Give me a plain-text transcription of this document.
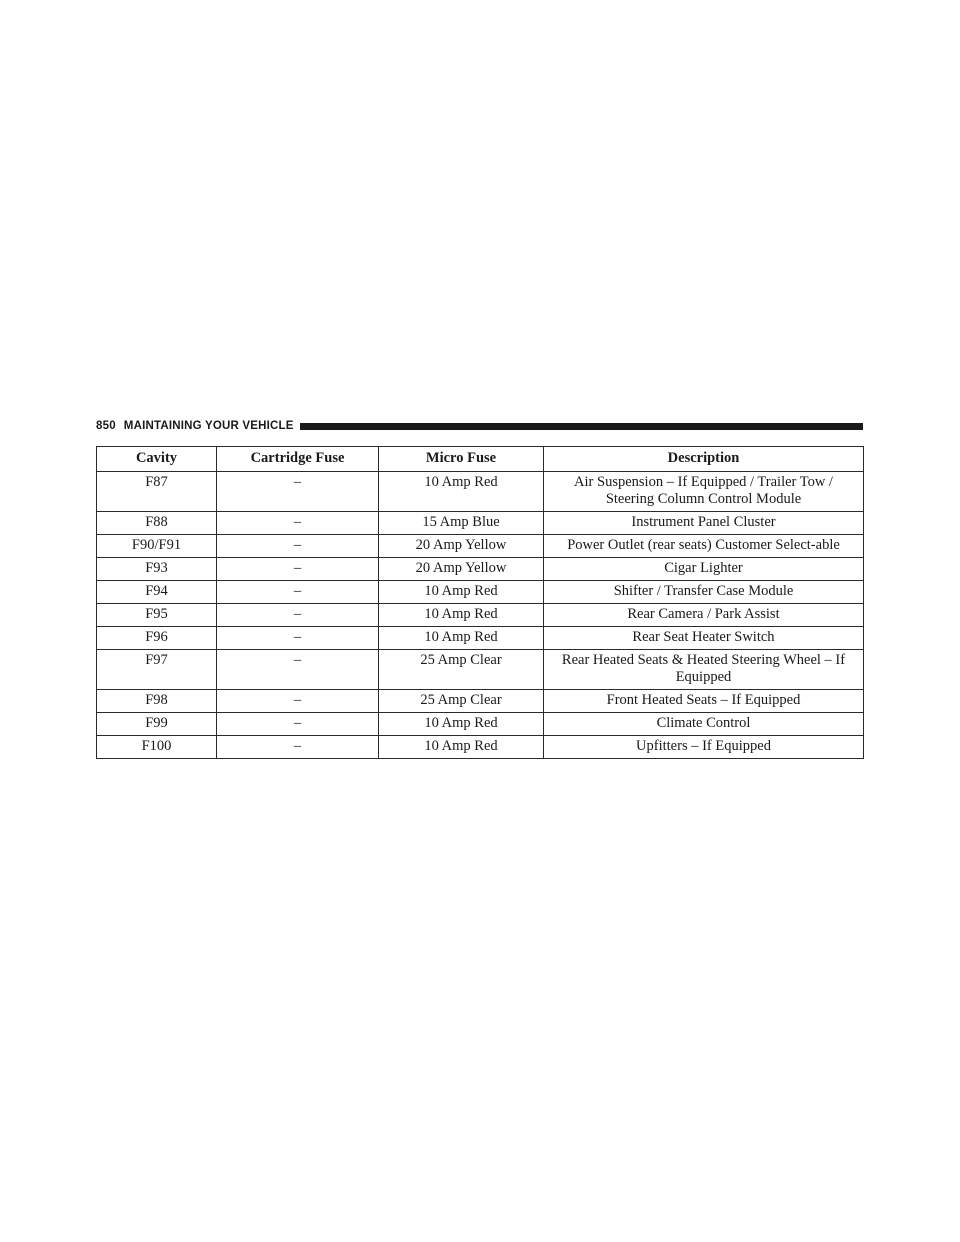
850 MAINTAINING YOUR VEHICLE
Cavity	Cartridge Fuse	Micro Fuse	Description
F87	–	10 Amp Red	Air Suspension – If Equipped / Trailer Tow / Steering Column Control Module
F88	–	15 Amp Blue	Instrument Panel Cluster
F90/F91	–	20 Amp Yellow	Power Outlet (rear seats) Customer Select-able
F93	–	20 Amp Yellow	Cigar Lighter
F94	–	10 Amp Red	Shifter / Transfer Case Module
F95	–	10 Amp Red	Rear Camera / Park Assist
F96	–	10 Amp Red	Rear Seat Heater Switch
F97	–	25 Amp Clear	Rear Heated Seats & Heated Steering Wheel – If Equipped
F98	–	25 Amp Clear	Front Heated Seats – If Equipped
F99	–	10 Amp Red	Climate Control
F100	–	10 Amp Red	Upfitters – If Equipped
